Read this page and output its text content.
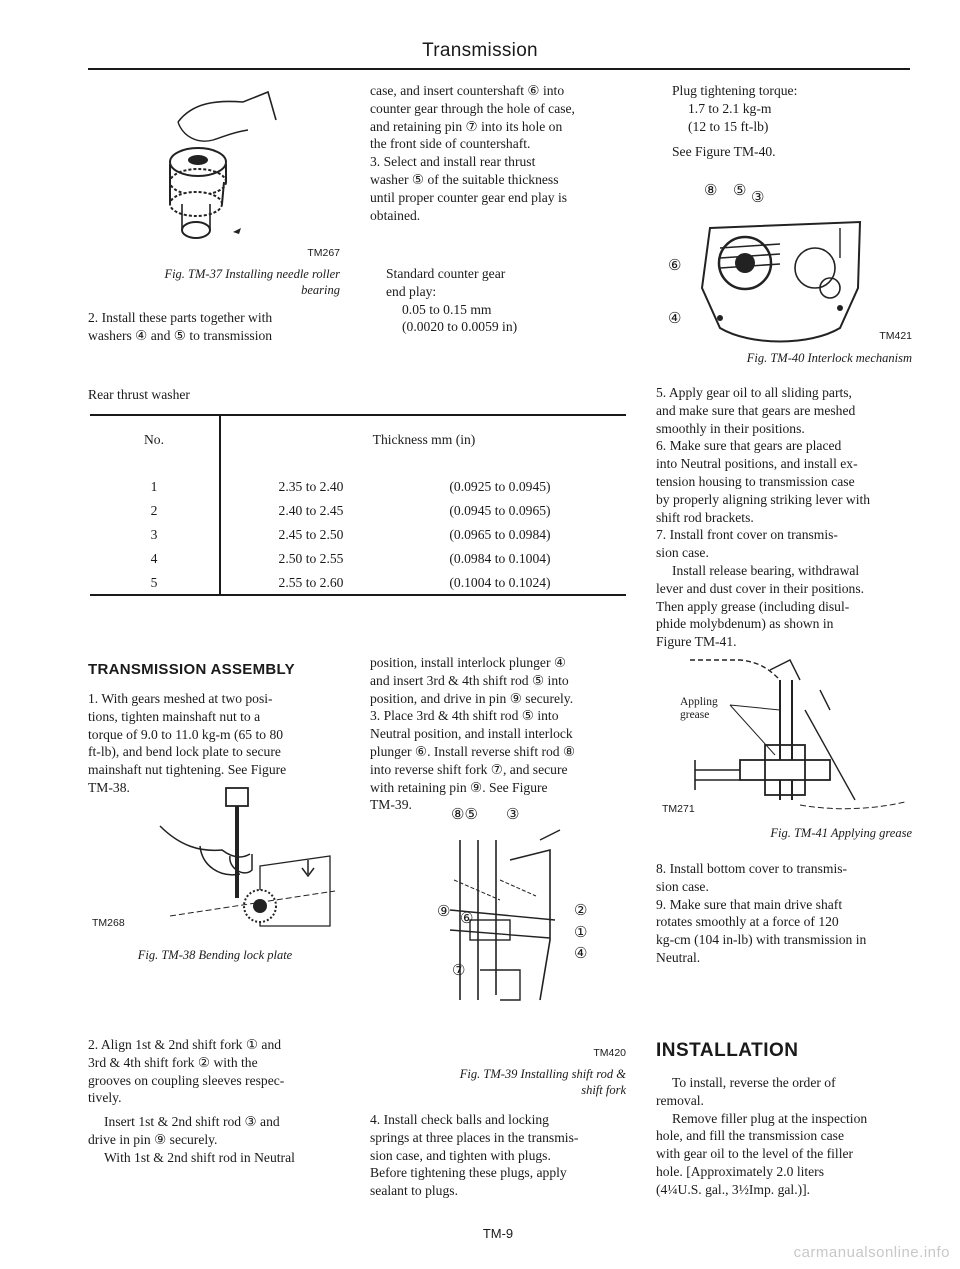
Transmission
TM267
Fig. TM-37 Installing needle roller
bearing

2. Install these parts together with

washers ④ and ⑤ to transmission

Rear thrust washer
No.	Thickness mm (in)
1	2.35 to 2.40	(0.0925 to 0.0945)
2	2.40 to 2.45	(0.0945 to 0.0965)
3	2.45 to 2.50	(0.0965 to 0.0984)
4	2.50 to 2.55	(0.0984 to 0.1004)
5	2.55 to 2.60	(0.1004 to 0.1024)
TRANSMISSION ASSEMBLY

1. With gears meshed at two posi-

tions, tighten mainshaft nut to a

torque of 9.0 to 11.0 kg-m (65 to 80

ft-lb), and bend lock plate to secure

mainshaft nut tightening. See Figure

TM-38.

TM268
Fig. TM-38 Bending lock plate

2. Align 1st & 2nd shift fork ① and

3rd & 4th shift fork ② with the

grooves on coupling sleeves respec-

tively.

Insert 1st & 2nd shift rod ③ and

drive in pin ⑨ securely.

With 1st & 2nd shift rod in Neutral

case, and insert countershaft ⑥ into

counter gear through the hole of case,

and retaining pin ⑦ into its hole on

the front side of countershaft.

3. Select and install rear thrust

washer ⑤ of the suitable thickness

until proper counter gear end play is

obtained.

Standard counter gear

end play:

0.05 to 0.15 mm

(0.0020 to 0.0059 in)

position, install interlock plunger ④

and insert 3rd & 4th shift rod ⑤ into

position, and drive in pin ⑨ securely.

3. Place 3rd & 4th shift rod ⑤ into

Neutral position, and install interlock

plunger ⑥. Install reverse shift rod ⑧

into reverse shift fork ⑦, and secure

with retaining pin ⑨. See Figure

TM-39.

⑧⑤ ③
⑨ ⑥	②
①
④
⑦
TM420
Fig. TM-39 Installing shift rod &
shift fork

4. Install check balls and locking

springs at three places in the transmis-

sion case, and tighten with plugs.

Before tightening these plugs, apply

sealant to plugs.

TM-9

Plug tightening torque:

1.7 to 2.1 kg-m

(12 to 15 ft-lb)

See Figure TM-40.

⑧ ⑤ ③
⑥
④
TM421
Fig. TM-40 Interlock mechanism

5. Apply gear oil to all sliding parts,

and make sure that gears are meshed

smoothly in their positions.

6. Make sure that gears are placed

into Neutral positions, and install ex-

tension housing to transmission case

by properly aligning striking lever with

shift rod brackets.

7. Install front cover on transmis-

sion case.

Install release bearing, withdrawal

lever and dust cover in their positions.

Then apply grease (including disul-

phide molybdenum) as shown in

Figure TM-41.

Appling
grease
TM271
Fig. TM-41 Applying grease

8. Install bottom cover to transmis-

sion case.

9. Make sure that main drive shaft

rotates smoothly at a force of 120

kg-cm (104 in-lb) with transmission in

Neutral.

INSTALLATION

To install, reverse the order of

removal.

Remove filler plug at the inspection

hole, and fill the transmission case

with gear oil to the level of the filler

hole. [Approximately 2.0 liters

(4¼U.S. gal., 3½Imp. gal.)].

carmanualsonline.info
